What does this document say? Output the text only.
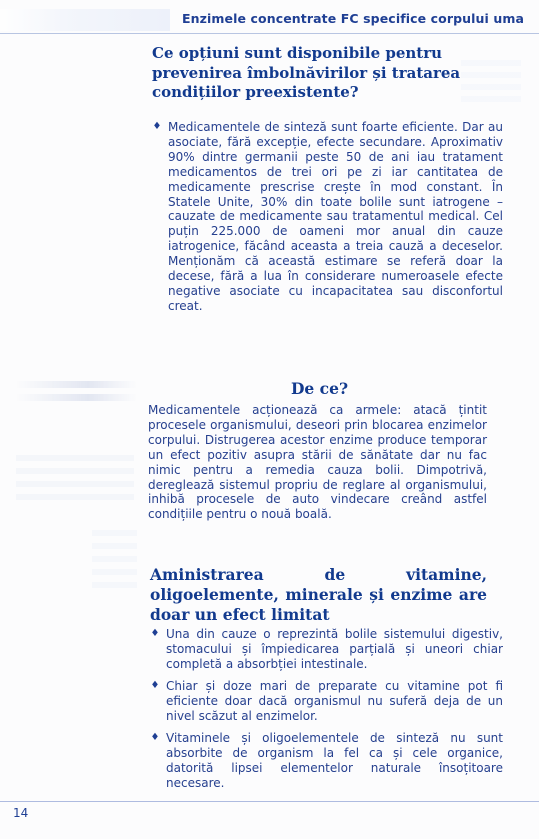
Enzimele concentrate FC specifice corpului uma
Ce opțiuni sunt disponibile pentru
prevenirea îmbolnăvirilor și tratarea
condițiilor preexistente?
♦ Medicamentele de sinteză sunt foarte eficiente. Dar au asociate, fără excepție, efecte secundare. Aproximativ 90% dintre germanii peste 50 de ani iau tratament medicamentos de trei ori pe zi iar cantitatea de medicamente prescrise crește în mod constant. În Statele Unite, 30% din toate bolile sunt iatrogene – cauzate de medicamente sau tratamentul medical. Cel puțin 225.000 de oameni mor anual din cauze iatrogenice, făcând aceasta a treia cauză a deceselor. Menționăm că această estimare se referă doar la decese, fără a lua în considerare numeroasele efecte negative asociate cu incapacitatea sau disconfortul creat.
De ce?

Medicamentele acționează ca armele: atacă țintit procesele organismului, deseori prin blocarea enzimelor corpului. Distrugerea acestor enzime produce temporar un efect pozitiv asupra stării de sănătate dar nu fac nimic pentru a remedia cauza bolii. Dimpotrivă, dereglează sistemul propriu de reglare al organismului, inhibă procesele de auto vindecare creând astfel condițiile pentru o nouă boală.

Aministrarea de vitamine, oligoelemente, minerale și enzime are doar un efect limitat
♦ Una din cauze o reprezintă bolile sistemului digestiv, stomacului și împiedicarea parțială și uneori chiar completă a absorbției intestinale.
♦ Chiar și doze mari de preparate cu vitamine pot fi eficiente doar dacă organismul nu suferă deja de un nivel scăzut al enzimelor.
♦ Vitaminele și oligoelementele de sinteză nu sunt absorbite de organism la fel ca și cele organice, datorită lipsei elementelor naturale însoțitoare necesare.
14
